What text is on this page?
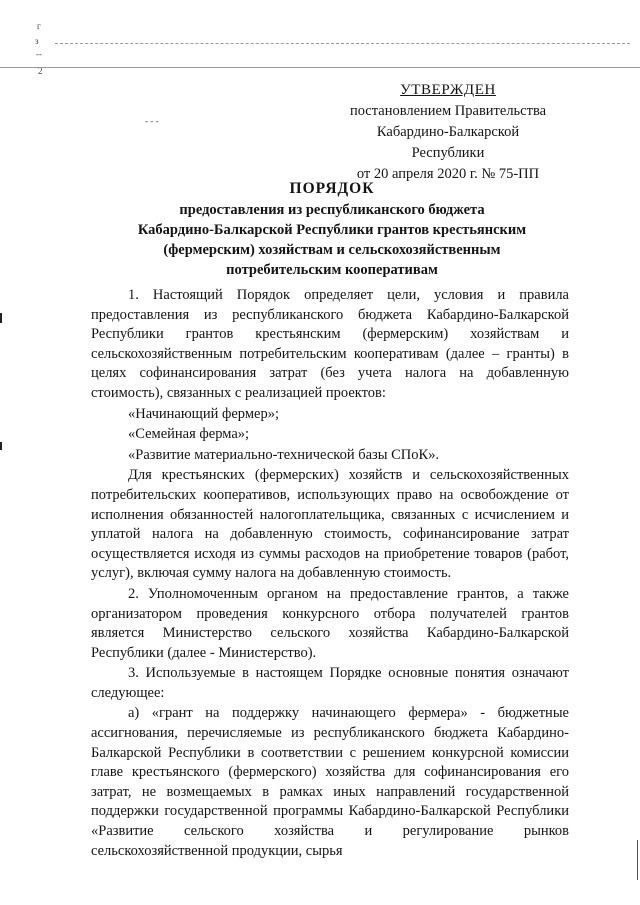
г
з
--
2
- - -
УТВЕРЖДЕН
постановлением Правительства
Кабардино-Балкарской Республики
от 20 апреля 2020 г. № 75-ПП
ПОРЯДОК
предоставления из республиканского бюджета
Кабардино-Балкарской Республики грантов крестьянским
(фермерским) хозяйствам и сельскохозяйственным
потребительским кооперативам

1. Настоящий Порядок определяет цели, условия и правила предоставления из республиканского бюджета Кабардино-Балкарской Республики грантов крестьянским (фермерским) хозяйствам и сельскохозяйственным потребительским кооперативам (далее – гранты) в целях софинансирования затрат (без учета налога на добавленную стоимость), связанных с реализацией проектов:

«Начинающий фермер»;

«Семейная ферма»;

«Развитие материально-технической базы СПоК».

Для крестьянских (фермерских) хозяйств и сельскохозяйственных потребительских кооперативов, использующих право на освобождение от исполнения обязанностей налогоплательщика, связанных с исчислением и уплатой налога на добавленную стоимость, софинансирование затрат осуществляется исходя из суммы расходов на приобретение товаров (работ, услуг), включая сумму налога на добавленную стоимость.

2. Уполномоченным органом на предоставление грантов, а также организатором проведения конкурсного отбора получателей грантов является Министерство сельского хозяйства Кабардино-Балкарской Республики (далее - Министерство).

3. Используемые в настоящем Порядке основные понятия означают следующее:

а) «грант на поддержку начинающего фермера» - бюджетные ассигнования, перечисляемые из республиканского бюджета Кабардино-Балкарской Республики в соответствии с решением конкурсной комиссии главе крестьянского (фермерского) хозяйства для софинансирования его затрат, не возмещаемых в рамках иных направлений государственной поддержки государственной программы Кабардино-Балкарской Республики «Развитие сельского хозяйства и регулирование рынков сельскохозяйственной продукции, сырья
